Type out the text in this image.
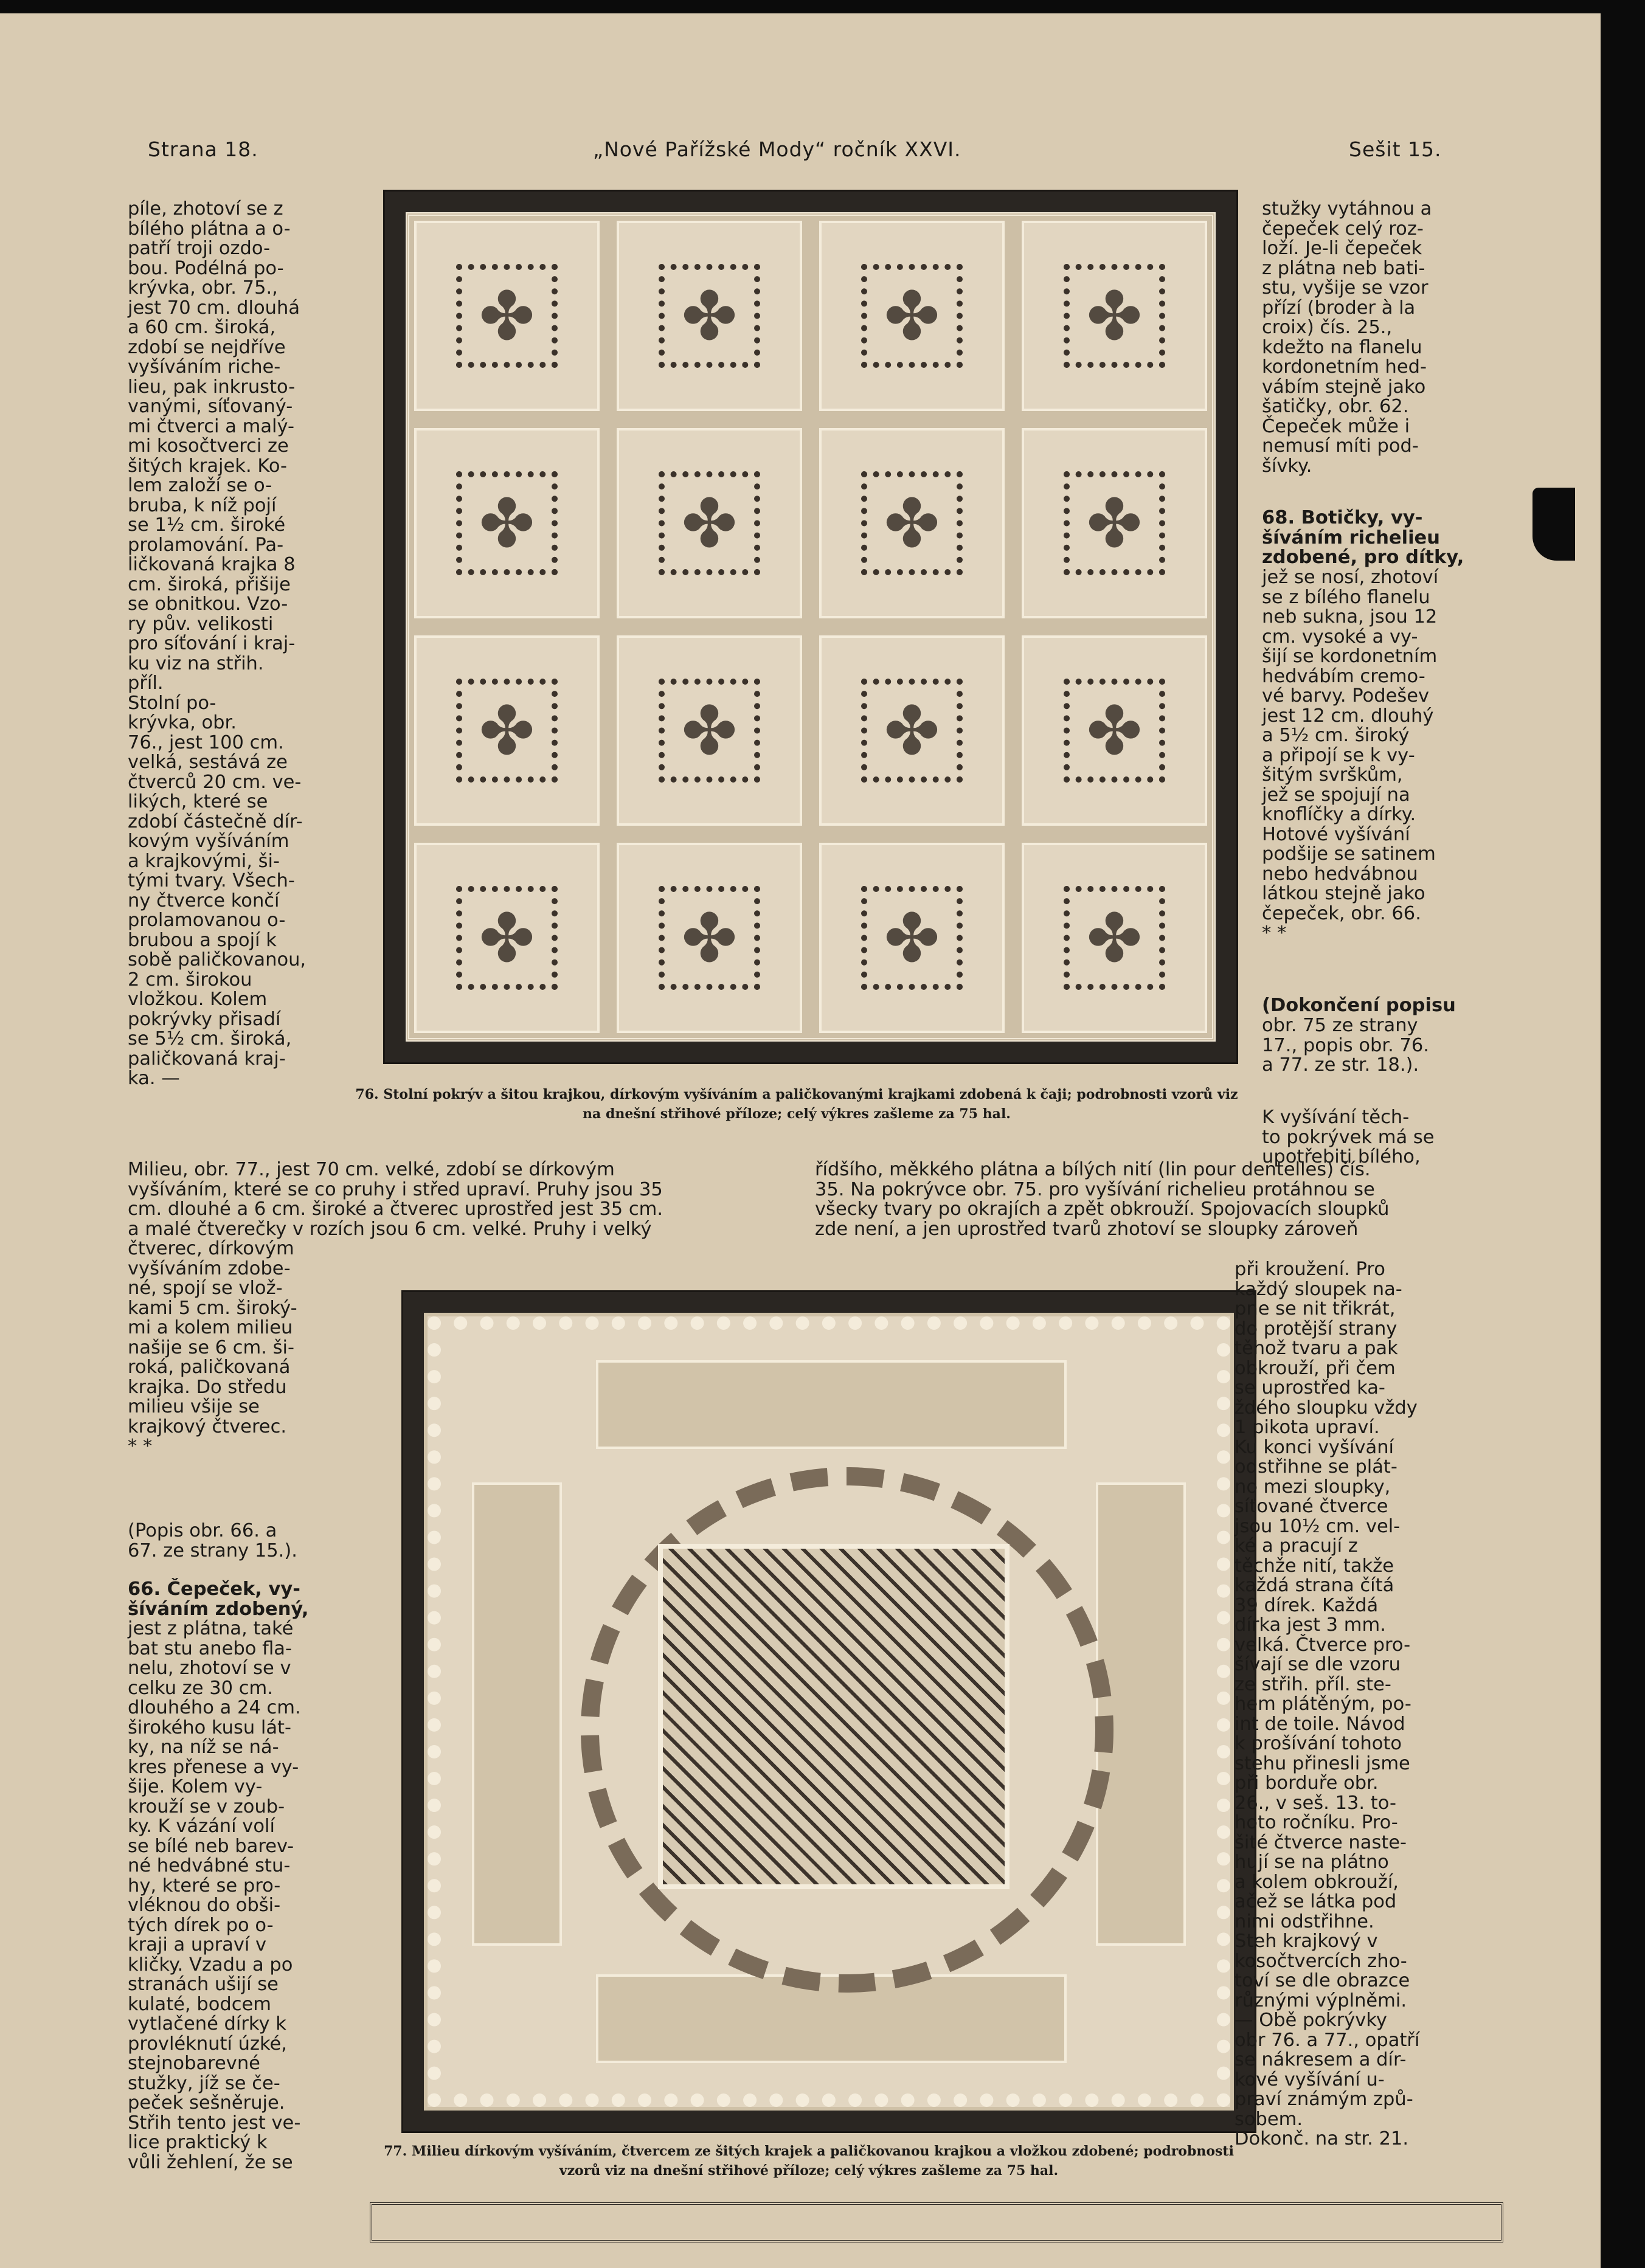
Strana 18.	„Nové Pařížské Mody“ ročník XXVI.	Sešit 15.
píle, zhotoví se z
bílého plátna a o-
patří troji ozdo-
bou. Podélná po-
krývka, obr. 75.,
jest 70 cm. dlouhá
a 60 cm. široká,
zdobí se nejdříve
vyšíváním riche-
lieu, pak inkrusto-
vanými, síťovaný-
mi čtverci a malý-
mi kosočtverci ze
šitých krajek. Ko-
lem založí se o-
bruba, k níž pojí
se 1½ cm. široké
prolamování. Pa-
ličkovaná krajka 8
cm. široká, přišije
se obnitkou. Vzo-
ry pův. velikosti
pro síťování i kraj-
ku viz na střih.
příl.
Stolní po-
krývka, obr.
76., jest 100 cm.
velká, sestává ze
čtverců 20 cm. ve-
likých, které se
zdobí částečně dír-
kovým vyšíváním
a krajkovými, ši-
tými tvary. Všech-
ny čtverce končí
prolamovanou o-
brubou a spojí k
sobě paličkovanou,
2 cm. širokou
vložkou. Kolem
pokrývky přisadí
se 5½ cm. široká,
paličkovaná kraj-
ka. —
✤
✤
✤
✤
✤
✤
✤
✤
✤
✤
✤
✤
✤
✤
✤
✤
76. Stolní pokrýv a šitou krajkou, dírkovým vyšíváním a paličkovanými krajkami zdobená k čaji; podrobnosti vzorů viz na dnešní střihové příloze; celý výkres zašleme za 75 hal.
stužky vytáhnou a
čepeček celý roz-
loží. Je-li čepeček
z plátna neb bati-
stu, vyšije se vzor
přízí (broder à la
croix) čís. 25.,
kdežto na flanelu
kordonetním hed-
vábím stejně jako
šatičky, obr. 62.
Čepeček může i
nemusí míti pod-
šívky.
68. Botičky, vy-
šíváním richelieu
zdobené, pro dítky,
jež se nosí, zhotoví
se z bílého flanelu
neb sukna, jsou 12
cm. vysoké a vy-
šijí se kordonetním
hedvábím cremo-
vé barvy. Podešev
jest 12 cm. dlouhý
a 5½ cm. široký
a připojí se k vy-
šitým svrškům,
jež se spojují na
knoflíčky a dírky.
Hotové vyšívání
podšije se satinem
nebo hedvábnou
látkou stejně jako
čepeček, obr. 66.
* *
(Dokončení popisu
obr. 75 ze strany
17., popis obr. 76.
a 77. ze str. 18.).
K vyšívání těch-
to pokrývek má se
upotřebiti bílého,
Milieu, obr. 77., jest 70 cm. velké, zdobí se dírkovým
vyšíváním, které se co pruhy i střed upraví. Pruhy jsou 35
cm. dlouhé a 6 cm. široké a čtverec uprostřed jest 35 cm.
a malé čtverečky v rozích jsou 6 cm. velké. Pruhy i velký
řídšího, měkkého plátna a bílých nití (lin pour dentelles) čís.
35. Na pokrývce obr. 75. pro vyšívání richelieu protáhnou se
všecky tvary po okrajích a zpět obkrouží. Spojovacích sloupků
zde není, a jen uprostřed tvarů zhotoví se sloupky zároveň
čtverec, dírkovým
vyšíváním zdobe-
né, spojí se vlož-
kami 5 cm. široký-
mi a kolem milieu
našije se 6 cm. ši-
roká, paličkovaná
krajka. Do středu
milieu všije se
krajkový čtverec.
* *
(Popis obr. 66. a
67. ze strany 15.).
66. Čepeček, vy-
šíváním zdobený,
jest z plátna, také
bat stu anebo fla-
nelu, zhotoví se v
celku ze 30 cm.
dlouhého a 24 cm.
širokého kusu lát-
ky, na níž se ná-
kres přenese a vy-
šije. Kolem vy-
krouží se v zoub-
ky. K vázání volí
se bílé neb barev-
né hedvábné stu-
hy, které se pro-
vléknou do obši-
tých dírek po o-
kraji a upraví v
kličky. Vzadu a po
stranách ušijí se
kulaté, bodcem
vytlačené dírky k
provléknutí úzké,
stejnobarevné
stužky, jíž se če-
peček sešněruje.
Střih tento jest ve-
lice praktický k
vůli žehlení, že se
při kroužení. Pro
každý sloupek na-
pne se nit třikrát,
do protější strany
těhož tvaru a pak
obkrouží, při čem
se uprostřed ka-
ždého sloupku vždy
1 pikota upraví.
Ku konci vyšívání
odstřihne se plát-
no mezi sloupky,
síťované čtverce
jsou 10½ cm. vel-
ké a pracují z
těchže nití, takže
každá strana čítá
39 dírek. Každá
dírka jest 3 mm.
velká. Čtverce pro-
šívají se dle vzoru
ze střih. příl. ste-
hem plátěným, po-
int de toile. Návod
k prošívání tohoto
stehu přinesli jsme
při borduře obr.
26., v seš. 13. to-
hoto ročníku. Pro-
šité čtverce naste-
hují se na plátno
a kolem obkrouží,
ačež se látka pod
nimi odstřihne.
Steh krajkový v
kosočtvercích zho-
toví se dle obrazce
různými výplněmi.
— Obě pokrývky
obr 76. a 77., opatří
se nákresem a dír-
kové vyšívání u-
praví známým způ-
sobem.
Dokonč. na str. 21.
77. Milieu dírkovým vyšíváním, čtvercem ze šitých krajek a paličkovanou krajkou a vložkou zdobené; podrobnosti vzorů viz na dnešní střihové příloze; celý výkres zašleme za 75 hal.
